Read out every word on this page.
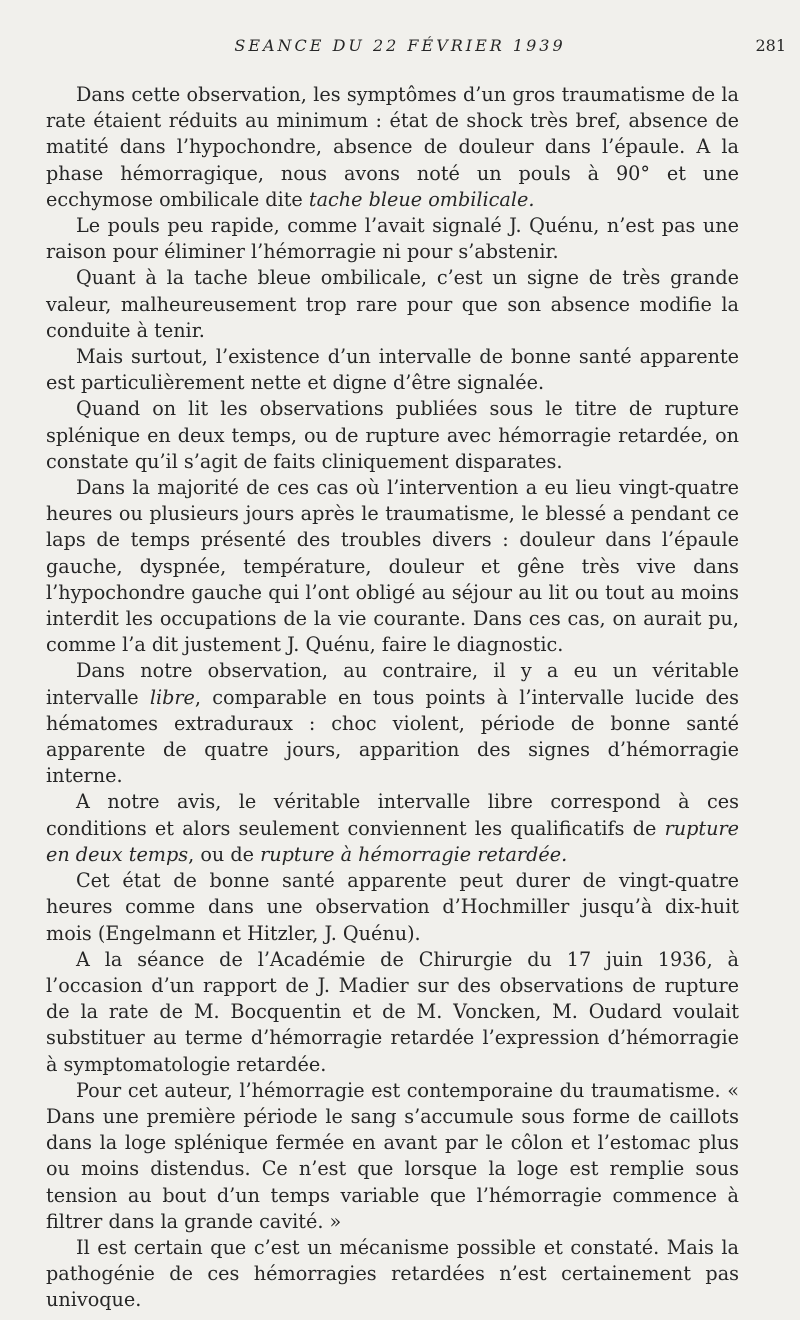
SEANCE DU 22 FÉVRIER 1939	281

Dans cette observation, les symptômes d’un gros traumatisme de la rate étaient réduits au minimum : état de shock très bref, absence de matité dans l’hypochondre, absence de douleur dans l’épaule. A la phase hémorragique, nous avons noté un pouls à 90° et une ecchymose ombilicale dite tache bleue ombilicale.

Le pouls peu rapide, comme l’avait signalé J. Quénu, n’est pas une raison pour éliminer l’hémorragie ni pour s’abstenir.

Quant à la tache bleue ombilicale, c’est un signe de très grande valeur, malheureusement trop rare pour que son absence modifie la conduite à tenir.

Mais surtout, l’existence d’un intervalle de bonne santé apparente est particulièrement nette et digne d’être signalée.

Quand on lit les observations publiées sous le titre de rupture splénique en deux temps, ou de rupture avec hémorragie retardée, on constate qu’il s’agit de faits cliniquement disparates.

Dans la majorité de ces cas où l’intervention a eu lieu vingt-quatre heures ou plusieurs jours après le traumatisme, le blessé a pendant ce laps de temps présenté des troubles divers : douleur dans l’épaule gauche, dyspnée, température, douleur et gêne très vive dans l’hypochondre gauche qui l’ont obligé au séjour au lit ou tout au moins interdit les occupations de la vie courante. Dans ces cas, on aurait pu, comme l’a dit justement J. Quénu, faire le diagnostic.

Dans notre observation, au contraire, il y a eu un véritable intervalle libre, comparable en tous points à l’intervalle lucide des hématomes extraduraux : choc violent, période de bonne santé apparente de quatre jours, apparition des signes d’hémorragie interne.

A notre avis, le véritable intervalle libre correspond à ces conditions et alors seulement conviennent les qualificatifs de rupture en deux temps, ou de rupture à hémorragie retardée.

Cet état de bonne santé apparente peut durer de vingt-quatre heures comme dans une observation d’Hochmiller jusqu’à dix-huit mois (Engelmann et Hitzler, J. Quénu).

A la séance de l’Académie de Chirurgie du 17 juin 1936, à l’occasion d’un rapport de J. Madier sur des observations de rupture de la rate de M. Bocquentin et de M. Voncken, M. Oudard voulait substituer au terme d’hémorragie retardée l’expression d’hémorragie à symptomatologie retardée.

Pour cet auteur, l’hémorragie est contemporaine du traumatisme. « Dans une première période le sang s’accumule sous forme de caillots dans la loge splénique fermée en avant par le côlon et l’estomac plus ou moins distendus. Ce n’est que lorsque la loge est remplie sous tension au bout d’un temps variable que l’hémorragie commence à filtrer dans la grande cavité. »

Il est certain que c’est un mécanisme possible et constaté. Mais la pathogénie de ces hémorragies retardées n’est certainement pas univoque.
